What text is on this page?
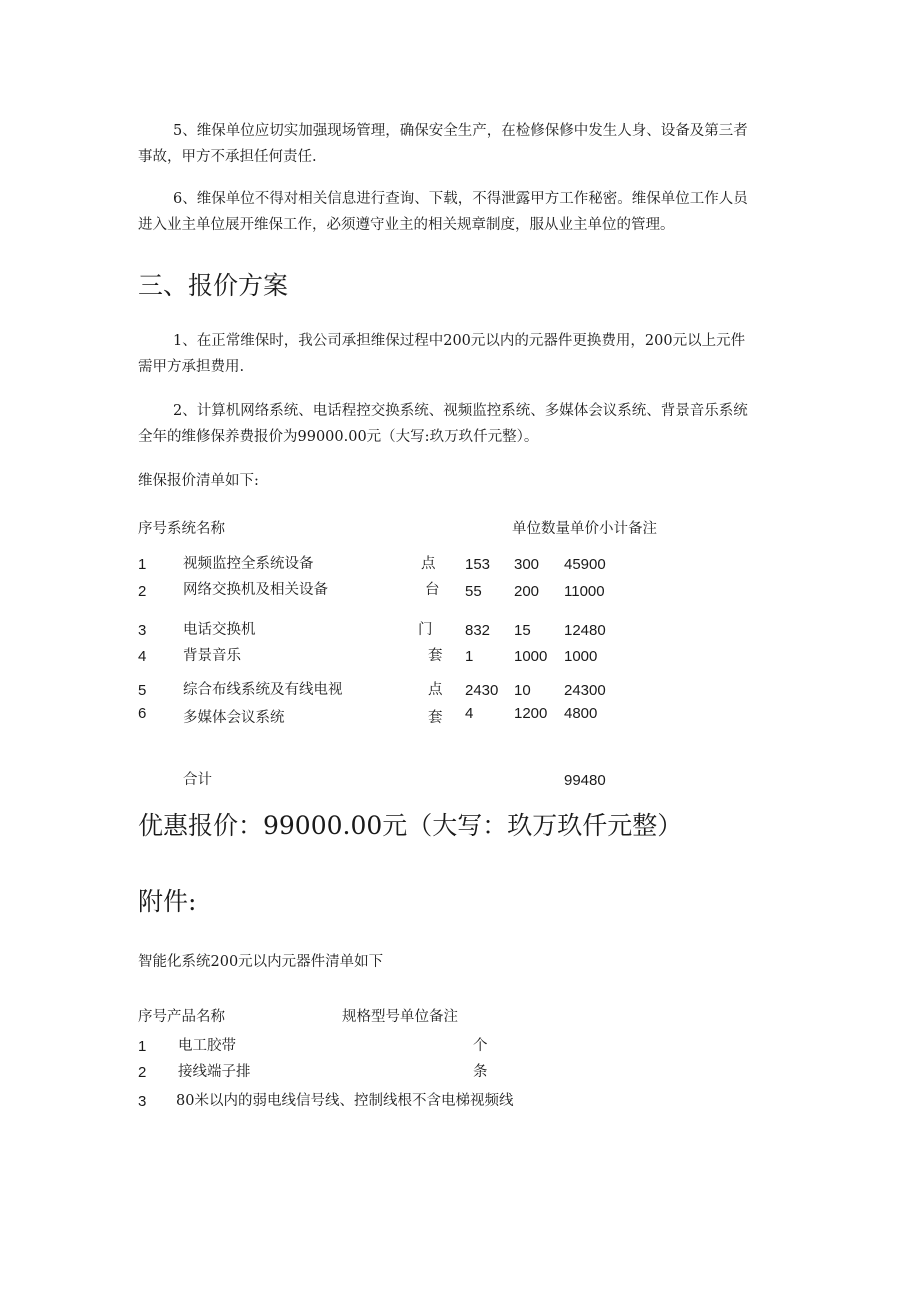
5、维保单位应切实加强现场管理，确保安全生产，在检修保修中发生人身、设备及第三者
事故，甲方不承担任何责任.
6、维保单位不得对相关信息进行查询、下载，不得泄露甲方工作秘密。维保单位工作人员
进入业主单位展开维保工作，必须遵守业主的相关规章制度，服从业主单位的管理。
三、报价方案
1、在正常维保时，我公司承担维保过程中200元以内的元器件更换费用，200元以上元件
需甲方承担费用.
2、计算机网络系统、电话程控交换系统、视频监控系统、多媒体会议系统、背景音乐系统
全年的维修保养费报价为99000.00元（大写:玖万玖仟元整）。
维保报价清单如下:
序号系统名称	单位数量单价小计备注
1	视频监控全系统设备	点 153 300 45900
2	网络交换机及相关设备	台 55 200 11000
3	电话交换机	门 832 15 12480
4	背景音乐	套 1	1000 1000
5	综合布线系统及有线电视	点 2430 10 24300
6	多媒体会议系统	套 4	1200 4800
合计	99480
优惠报价：99000.00元（大写：玖万玖仟元整）
附件:
智能化系统200元以内元器件清单如下
序号产品名称	规格型号单位备注
1 电工胶带	个
2 接线端子排	条
3 80米以内的弱电线信号线、控制线根不含电梯视频线
